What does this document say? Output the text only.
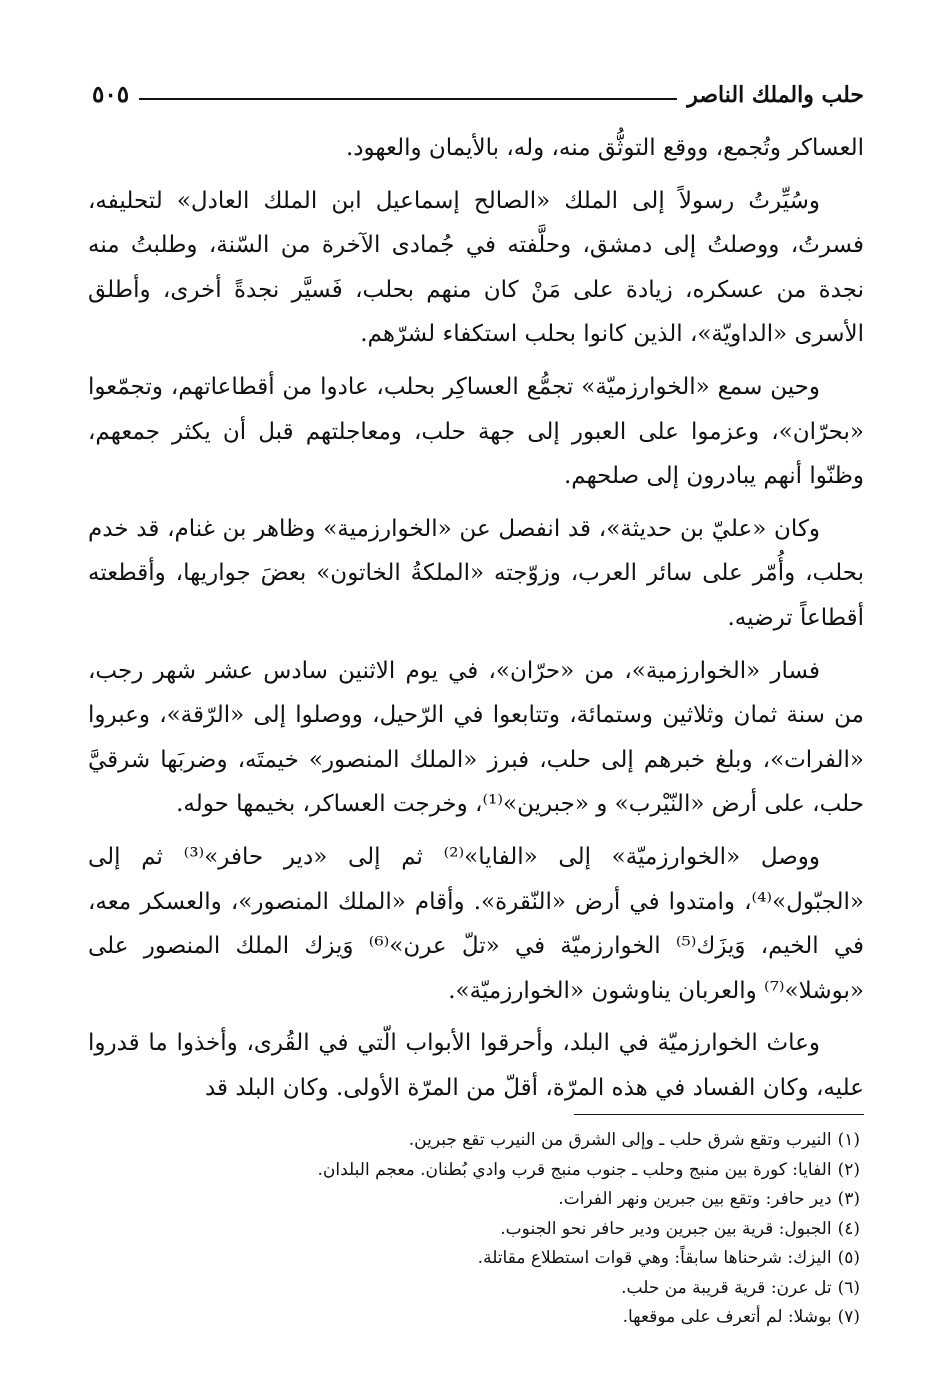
حلب والملك الناصر
٥٠٥

العساكر وتُجمع، ووقع التوثُّق منه، وله، بالأيمان والعهود.

وسُيِّرتُ رسولاً إلى الملك «الصالح إسماعيل ابن الملك العادل» لتحليفه، فسرتُ، ووصلتُ إلى دمشق، وحلَّفته في جُمادى الآخرة من السّنة، وطلبتُ منه نجدة من عسكره، زيادة على مَنْ كان منهم بحلب، فَسيَّر نجدةً أخرى، وأطلق الأسرى «الداويّة»، الذين كانوا بحلب استكفاء لشرّهم.

وحين سمع «الخوارزميّة» تجمُّع العساكِر بحلب، عادوا من أقطاعاتهم، وتجمّعوا «بحرّان»، وعزموا على العبور إلى جهة حلب، ومعاجلتهم قبل أن يكثر جمعهم، وظنّوا أنهم يبادرون إلى صلحهم.

وكان «عليّ بن حديثة»، قد انفصل عن «الخوارزمية» وظاهر بن غنام، قد خدم بحلب، وأُمّر على سائر العرب، وزوّجته «الملكةُ الخاتون» بعضَ جواريها، وأقطعته أقطاعاً ترضيه.

فسار «الخوارزمية»، من «حرّان»، في يوم الاثنين سادس عشر شهر رجب، من سنة ثمان وثلاثين وستمائة، وتتابعوا في الرّحيل، ووصلوا إلى «الرّقة»، وعبروا «الفرات»، وبلغ خبرهم إلى حلب، فبرز «الملك المنصور» خيمتَه، وضربَها شرقيَّ حلب، على أرض «النّيْرب» و «جبرين»⁽¹⁾، وخرجت العساكر، بخيمها حوله.

ووصل «الخوارزميّة» إلى «الفايا»⁽²⁾ ثم إلى «دير حافر»⁽³⁾ ثم إلى «الجبّول»⁽⁴⁾، وامتدوا في أرض «النّقرة». وأقام «الملك المنصور»، والعسكر معه، في الخيم، وَيزَك⁽⁵⁾ الخوارزميّة في «تلّ عرن»⁽⁶⁾ وَيزك الملك المنصور على «بوشلا»⁽⁷⁾ والعربان يناوشون «الخوارزميّة».

وعاث الخوارزميّة في البلد، وأحرقوا الأبواب الّتي في القُرى، وأخذوا ما قدروا عليه، وكان الفساد في هذه المرّة، أقلّ من المرّة الأولى. وكان البلد قد

(١)النيرب وتقع شرق حلب ـ وإلى الشرق من النيرب تقع جبرين.
(٢)الفايا: كورة بين منبج وحلب ـ جنوب منبج قرب وادي بُطنان. معجم البلدان.
(٣)دير حافر: وتقع بين جبرين ونهر الفرات.
(٤)الجبول: قرية بين جبرين ودير حافر نحو الجنوب.
(٥)اليزك: شرحناها سابقاً: وهي قوات استطلاع مقاتلة.
(٦)تل عرن: قرية قريبة من حلب.
(٧)بوشلا: لم أتعرف على موقعها.
